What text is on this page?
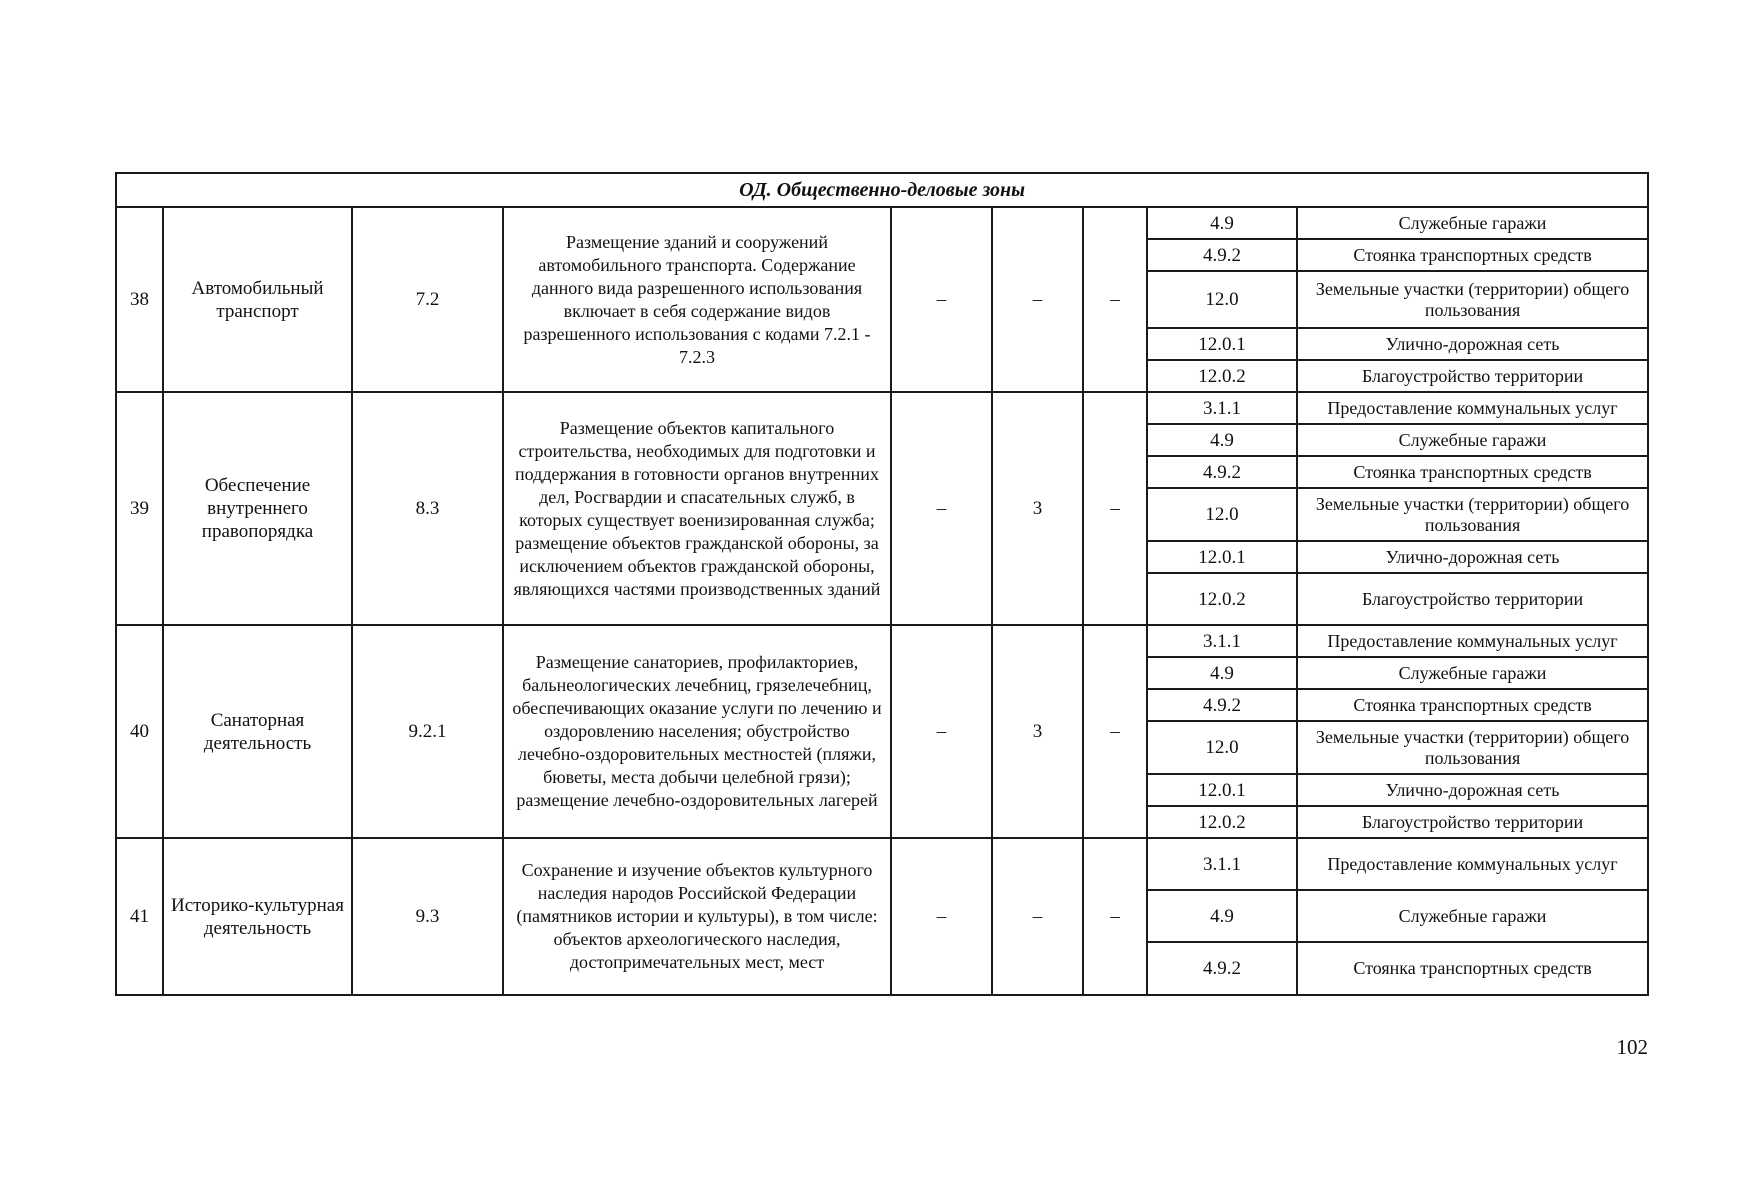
ОД. Общественно-деловые зоны								
38	Автомобильный транспорт	7.2	Размещение зданий и сооружений автомобильного транспорта. Содержание данного вида разрешенного использования включает в себя содержание видов разрешенного использования с кодами 7.2.1 - 7.2.3	–	–	–	4.9	Служебные гаражи
							4.9.2	Стоянка транспортных средств
							12.0	Земельные участки (территории) общего пользования
							12.0.1	Улично-дорожная сеть
							12.0.2	Благоустройство территории
39	Обеспечение внутреннего правопорядка	8.3	Размещение объектов капитального строительства, необходимых для подготовки и поддержания в готовности органов внутренних дел, Росгвардии и спасательных служб, в которых существует военизированная служба; размещение объектов гражданской обороны, за исключением объектов гражданской обороны, являющихся частями производственных зданий	–	3	–	3.1.1	Предоставление коммунальных услуг
							4.9	Служебные гаражи
							4.9.2	Стоянка транспортных средств
							12.0	Земельные участки (территории) общего пользования
							12.0.1	Улично-дорожная сеть
							12.0.2	Благоустройство территории
40	Санаторная деятельность	9.2.1	Размещение санаториев, профилакториев, бальнеологических лечебниц, грязелечебниц, обеспечивающих оказание услуги по лечению и оздоровлению населения; обустройство лечебно-оздоровительных местностей (пляжи, бюветы, места добычи целебной грязи); размещение лечебно-оздоровительных лагерей	–	3	–	3.1.1	Предоставление коммунальных услуг
							4.9	Служебные гаражи
							4.9.2	Стоянка транспортных средств
							12.0	Земельные участки (территории) общего пользования
							12.0.1	Улично-дорожная сеть
							12.0.2	Благоустройство территории
41	Историко-культурная деятельность	9.3	Сохранение и изучение объектов культурного наследия народов Российской Федерации (памятников истории и культуры), в том числе: объектов археологического наследия, достопримечательных мест, мест	–	–	–	3.1.1	Предоставление коммунальных услуг
							4.9	Служебные гаражи
							4.9.2	Стоянка транспортных средств
102
